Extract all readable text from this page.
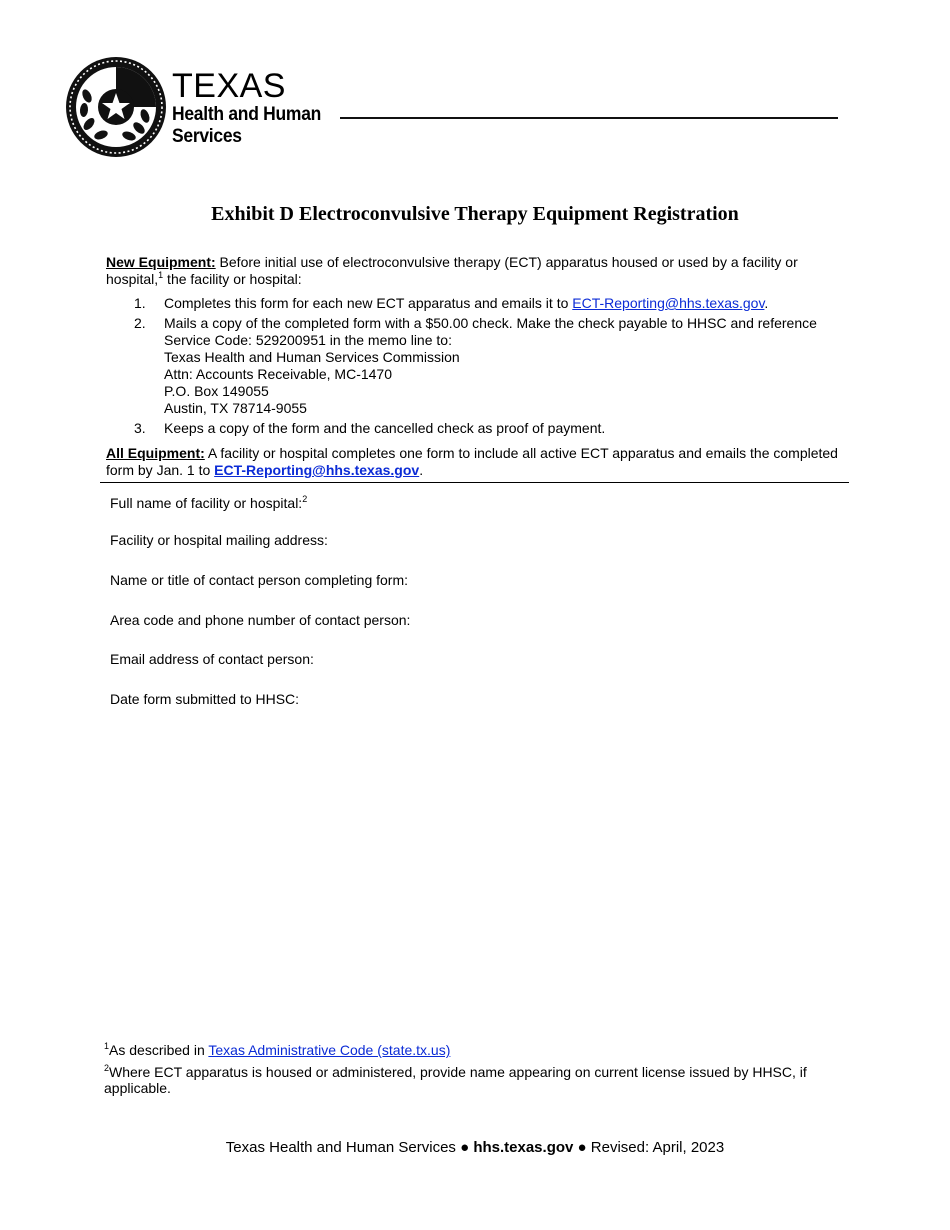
TEXAS
Health and Human
Services
Exhibit D Electroconvulsive Therapy Equipment Registration
New Equipment: Before initial use of electroconvulsive therapy (ECT) apparatus housed or used by a facility or hospital,$^1$ the facility or hospital:
1. Completes this form for each new ECT apparatus and emails it to ECT-Reporting@hhs.texas.gov.
2. Mails a copy of the completed form with a $50.00 check. Make the check payable to HHSC and reference
Service Code: 529200951 in the memo line to:
Texas Health and Human Services Commission
Attn: Accounts Receivable, MC-1470
P.O. Box 149055
Austin, TX 78714-9055
3. Keeps a copy of the form and the cancelled check as proof of payment.
All Equipment: A facility or hospital completes one form to include all active ECT apparatus and emails the completed form by Jan. 1 to ECT-Reporting@hhs.texas.gov.
Full name of facility or hospital:$^2$
Facility or hospital mailing address:
Name or title of contact person completing form:
Area code and phone number of contact person:
Email address of contact person:
Date form submitted to HHSC:
$^1$As described in Texas Administrative Code (state.tx.us)
$^2$Where ECT apparatus is housed or administered, provide name appearing on current license issued by HHSC, if applicable.
Texas Health and Human Services ● hhs.texas.gov ● Revised: April, 2023
